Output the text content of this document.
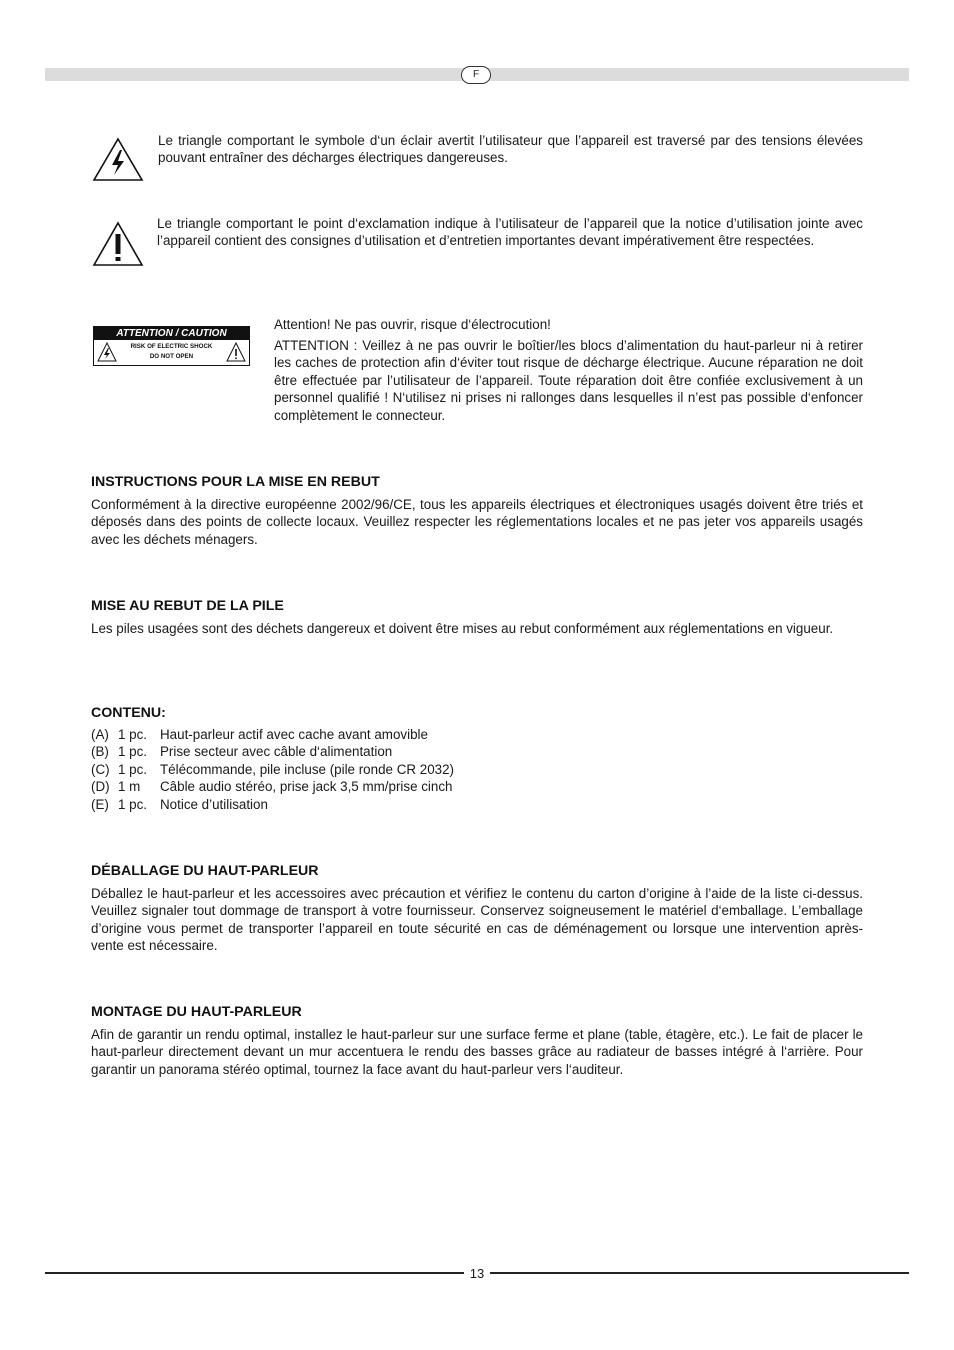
F

Le triangle comportant le symbole d‘un éclair avertit l’utilisateur que l’appareil est traversé par des tensions élevées pouvant entraîner des décharges électriques dangereuses.

Le triangle comportant le point d‘exclamation indique à l’utilisateur de l’appareil que la notice d’utilisation jointe avec l’appareil contient des consignes d’utilisation et d’entretien importantes devant impérativement être respectées.

ATTENTION / CAUTION
RISK OF ELECTRIC SHOCK
DO NOT OPEN

Attention! Ne pas ouvrir, risque d‘électrocution!

ATTENTION : Veillez à ne pas ouvrir le boîtier/les blocs d’alimentation du haut-parleur ni à retirer les caches de protection afin d‘éviter tout risque de décharge électrique. Aucune réparation ne doit être effectuée par l’utilisateur de l’appareil. Toute réparation doit être confiée exclusivement à un personnel qualifié ! N‘utilisez ni prises ni rallonges dans lesquelles il n’est pas possible d‘enfoncer complètement le connecteur.

INSTRUCTIONS POUR LA MISE EN REBUT

Conformément à la directive européenne 2002/96/CE, tous les appareils électriques et électroniques usagés doivent être triés et déposés dans des points de collecte locaux. Veuillez respecter les réglementations locales et ne pas jeter vos appareils usagés avec les déchets ménagers.

MISE AU REBUT DE LA PILE

Les piles usagées sont des déchets dangereux et doivent être mises au rebut conformément aux réglementations en vigueur.

CONTENU:
(A) 1 pc. Haut-parleur actif avec cache avant amovible
(B) 1 pc. Prise secteur avec câble d‘alimentation
(C) 1 pc. Télécommande, pile incluse (pile ronde CR 2032)
(D) 1 m	Câble audio stéréo, prise jack 3,5 mm/prise cinch
(E) 1 pc. Notice d’utilisation
DÉBALLAGE DU HAUT-PARLEUR

Déballez le haut-parleur et les accessoires avec précaution et vérifiez le contenu du carton d’origine à l’aide de la liste ci-dessus. Veuillez signaler tout dommage de transport à votre fournisseur. Conservez soigneusement le matériel d‘emballage. L’emballage d’origine vous permet de transporter l’appareil en toute sécurité en cas de déménagement ou lorsque une intervention après-vente est nécessaire.

MONTAGE DU HAUT-PARLEUR

Afin de garantir un rendu optimal, installez le haut-parleur sur une surface ferme et plane (table, étagère, etc.). Le fait de placer le haut-parleur directement devant un mur accentuera le rendu des basses grâce au radiateur de basses intégré à l‘arrière. Pour garantir un panorama stéréo optimal, tournez la face avant du haut-parleur vers l‘auditeur.

13
